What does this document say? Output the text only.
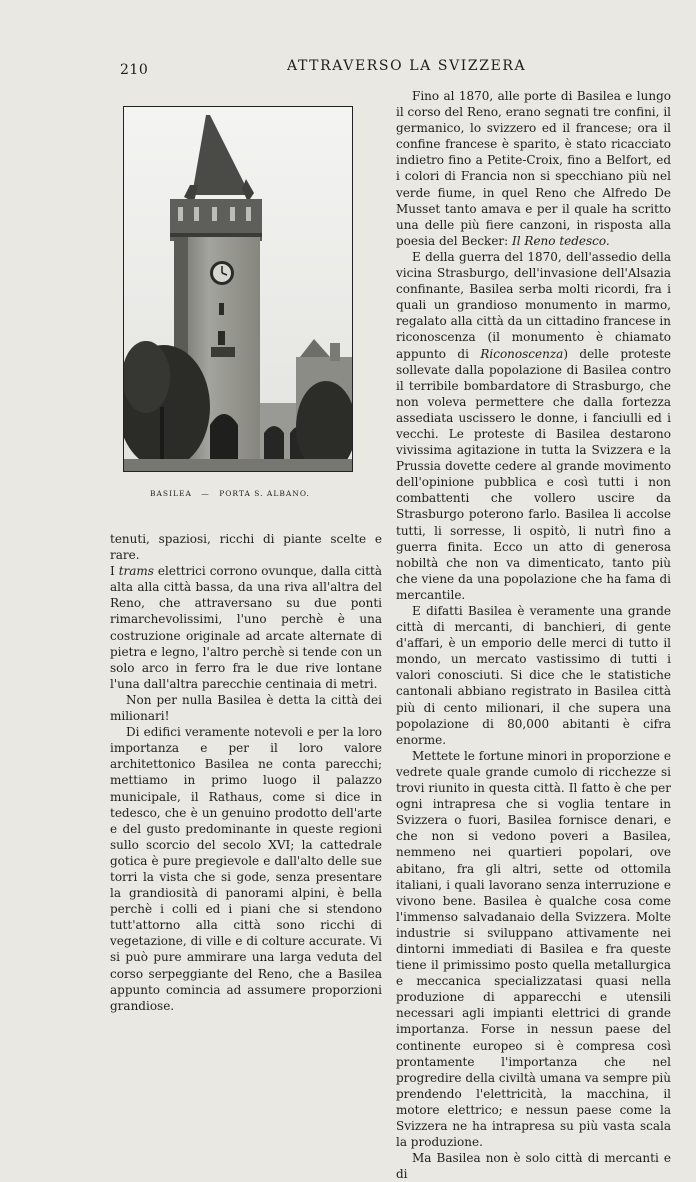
210	ATTRAVERSO LA SVIZZERA
BASILEA — PORTA S. ALBANO.

tenuti, spaziosi, ricchi di piante scelte e rare.

I trams elettrici corrono ovunque, dalla città alta alla città bassa, da una riva all'altra del Reno, che attraversano su due ponti rimarchevolissimi, l'uno perchè è una costruzione originale ad arcate alternate di pietra e legno, l'altro perchè si tende con un solo arco in ferro fra le due rive lontane l'una dall'altra parecchie centinaia di metri.

Non per nulla Basilea è detta la città dei milionari!

Di edifici veramente notevoli e per la loro importanza e per il loro valore architettonico Basilea ne conta parecchi; mettiamo in primo luogo il palazzo municipale, il Rathaus, come si dice in tedesco, che è un genuino prodotto dell'arte e del gusto predominante in queste regioni sullo scorcio del secolo XVI; la cattedrale gotica è pure pregievole e dall'alto delle sue torri la vista che si gode, senza presentare la grandiosità di panorami alpini, è bella perchè i colli ed i piani che si stendono tutt'attorno alla città sono ricchi di vegetazione, di ville e di colture accurate. Vi si può pure ammirare una larga veduta del corso serpeggiante del Reno, che a Basilea appunto comincia ad assumere proporzioni grandiose.

Fino al 1870, alle porte di Basilea e lungo il corso del Reno, erano segnati tre confini, il germanico, lo svizzero ed il francese; ora il confine francese è sparito, è stato ricacciato indietro fino a Petite-Croix, fino a Belfort, ed i colori di Francia non si specchiano più nel verde fiume, in quel Reno che Alfredo De Musset tanto amava e per il quale ha scritto una delle più fiere canzoni, in risposta alla poesia del Becker: Il Reno tedesco.

E della guerra del 1870, dell'assedio della vicina Strasburgo, dell'invasione dell'Alsazia confinante, Basilea serba molti ricordi, fra i quali un grandioso monumento in marmo, regalato alla città da un cittadino francese in riconoscenza (il monumento è chiamato appunto di Riconoscenza) delle proteste sollevate dalla popolazione di Basilea contro il terribile bombardatore di Strasburgo, che non voleva permettere che dalla fortezza assediata uscissero le donne, i fanciulli ed i vecchi. Le proteste di Basilea destarono vivissima agitazione in tutta la Svizzera e la Prussia dovette cedere al grande movimento dell'opinione pubblica e così tutti i non combattenti che vollero uscire da Strasburgo poterono farlo. Basilea li accolse tutti, li sorresse, li ospitò, li nutrì fino a guerra finita. Ecco un atto di generosa nobiltà che non va dimenticato, tanto più che viene da una popolazione che ha fama di mercantile.

E difatti Basilea è veramente una grande città di mercanti, di banchieri, di gente d'affari, è un emporio delle merci di tutto il mondo, un mercato vastissimo di tutti i valori conosciuti. Si dice che le statistiche cantonali abbiano registrato in Basilea città più di cento milionari, il che supera una popolazione di 80,000 abitanti è cifra enorme.

Mettete le fortune minori in proporzione e vedrete quale grande cumolo di ricchezze si trovi riunito in questa città. Il fatto è che per ogni intrapresa che si voglia tentare in Svizzera o fuori, Basilea fornisce denari, e che non si vedono poveri a Basilea, nemmeno nei quartieri popolari, ove abitano, fra gli altri, sette od ottomila italiani, i quali lavorano senza interruzione e vivono bene. Basilea è qualche cosa come l'immenso salvadanaio della Svizzera. Molte industrie si sviluppano attivamente nei dintorni immediati di Basilea e fra queste tiene il primissimo posto quella metallurgica e meccanica specializzatasi quasi nella produzione di apparecchi e utensili necessari agli impianti elettrici di grande importanza. Forse in nessun paese del continente europeo si è compresa così prontamente l'importanza che nel progredire della civiltà umana va sempre più prendendo l'elettricità, la macchina, il motore elettrico; e nessun paese come la Svizzera ne ha intrapresa su più vasta scala la produzione.

Ma Basilea non è solo città di mercanti e di
